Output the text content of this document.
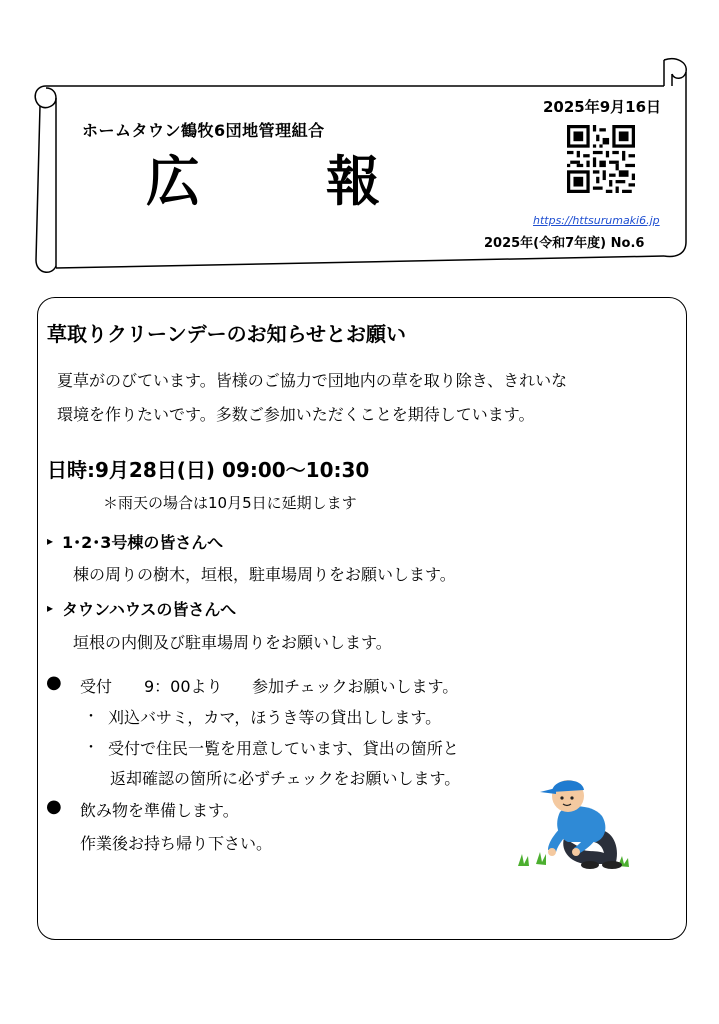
2025年9月16日
ホームタウン鶴牧6団地管理組合
広 報
https://httsurumaki6.jp
2025年(令和7年度) No.6
草取りクリーンデーのお知らせとお願い
夏草がのびています。皆様のご協力で団地内の草を取り除き、きれいな
環境を作りたいです。多数ご参加いただくことを期待しています。
日時:9月28日(日) 09:00～10:30
＊雨天の場合は10月5日に延期します
▸ 1･2･3号棟の皆さんへ
棟の周りの樹木，垣根，駐車場周りをお願いします。
▸ タウンハウスの皆さんへ
垣根の内側及び駐車場周りをお願いします。
● 受付 9：00より 参加チェックお願いします。
・ 刈込バサミ，カマ，ほうき等の貸出しします。
・ 受付で住民一覧を用意しています、貸出の箇所と
返却確認の箇所に必ずチェックをお願いします。
● 飲み物を準備します。
作業後お持ち帰り下さい。
